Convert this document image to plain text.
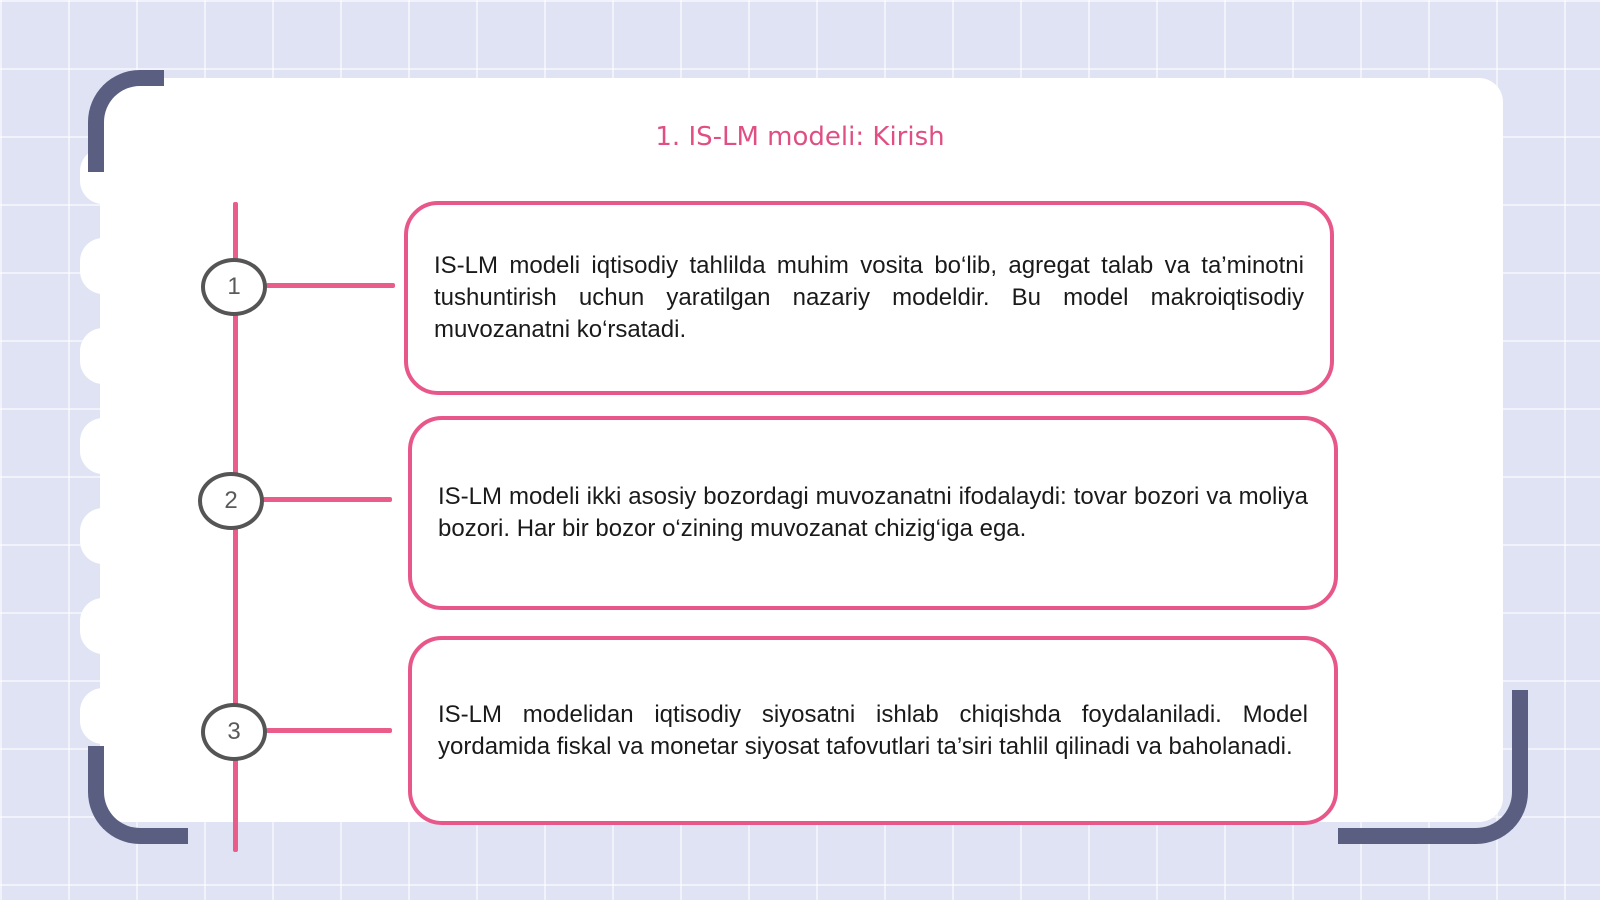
1. IS-LM modeli: Kirish
1
2
3

IS-LM modeli iqtisodiy tahlilda muhim vosita bo‘lib, agregat talab va ta’minotni tushuntirish uchun yaratilgan nazariy modeldir. Bu model makroiqtisodiy muvozanatni ko‘rsatadi.

IS-LM modeli ikki asosiy bozordagi muvozanatni ifodalaydi: tovar bozori va moliya bozori. Har bir bozor o‘zining muvozanat chizig‘iga ega.

IS-LM modelidan iqtisodiy siyosatni ishlab chiqishda foydalaniladi. Model yordamida fiskal va monetar siyosat tafovutlari ta’siri tahlil qilinadi va baholanadi.
